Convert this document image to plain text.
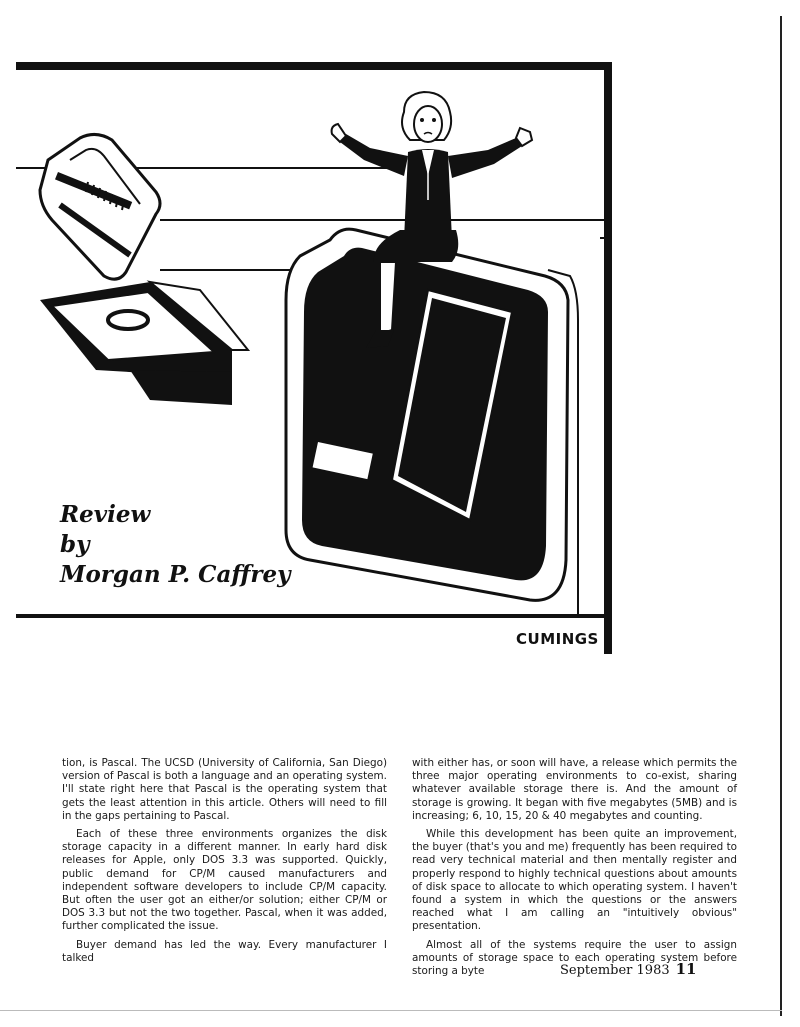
Review
by
Morgan P. Caffrey
CUMINGS

tion, is Pascal. The UCSD (University of California, San Diego) version of Pascal is both a language and an operating system. I'll state right here that Pascal is the operating system that gets the least attention in this article. Others will need to fill in the gaps pertaining to Pascal.

Each of these three environments organizes the disk storage capacity in a different manner. In early hard disk releases for Apple, only DOS 3.3 was supported. Quickly, public demand for CP/M caused manufacturers and independent software developers to include CP/M capacity. But often the user got an either/or solution; either CP/M or DOS 3.3 but not the two together. Pascal, when it was added, further complicated the issue.

Buyer demand has led the way. Every manufacturer I talked

with either has, or soon will have, a release which permits the three major operating environments to co-exist, sharing whatever available storage there is. And the amount of storage is growing. It began with five megabytes (5MB) and is increasing; 6, 10, 15, 20 & 40 megabytes and counting.

While this development has been quite an improvement, the buyer (that's you and me) frequently has been required to read very technical material and then mentally register and properly respond to highly technical questions about amounts of disk space to allocate to which operating system. I haven't found a system in which the questions or the answers reached what I am calling an "intuitively obvious" presentation.

Almost all of the systems require the user to assign amounts of storage space to each operating system before storing a byte	September 1983 11
